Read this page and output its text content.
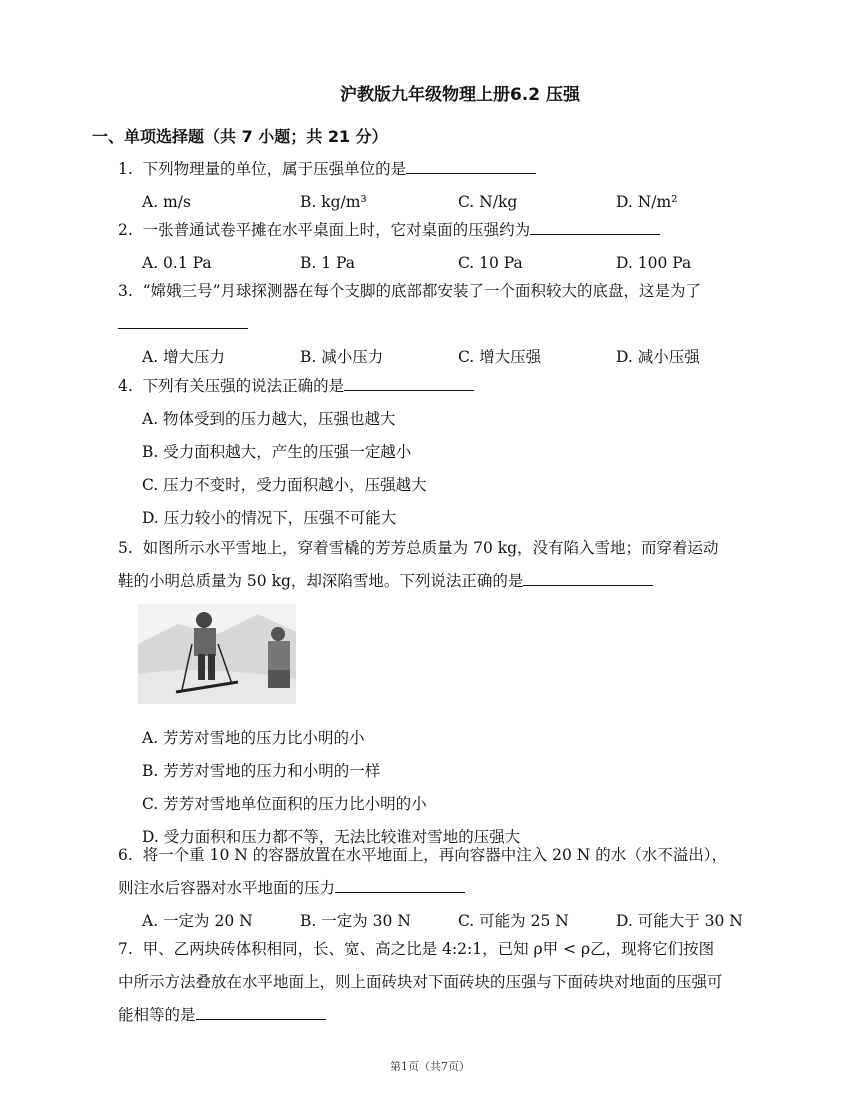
沪教版九年级物理上册6.2 压强
一、单项选择题（共 7 小题；共 21 分）
1. 下列物理量的单位，属于压强单位的是
A. m/s	B. kg/m³	C. N/kg	D. N/m²
2. 一张普通试卷平摊在水平桌面上时，它对桌面的压强约为
A. 0.1 Pa	B. 1 Pa	C. 10 Pa	D. 100 Pa
3. “嫦娥三号”月球探测器在每个支脚的底部都安装了一个面积较大的底盘，这是为了
A. 增大压力	B. 减小压力	C. 增大压强	D. 减小压强
4. 下列有关压强的说法正确的是
A. 物体受到的压力越大，压强也越大
B. 受力面积越大，产生的压强一定越小
C. 压力不变时，受力面积越小，压强越大
D. 压力较小的情况下，压强不可能大
5. 如图所示水平雪地上，穿着雪橇的芳芳总质量为 70 kg，没有陷入雪地；而穿着运动鞋的小明总质量为 50 kg，却深陷雪地。下列说法正确的是
A. 芳芳对雪地的压力比小明的小
B. 芳芳对雪地的压力和小明的一样
C. 芳芳对雪地单位面积的压力比小明的小
D. 受力面积和压力都不等，无法比较谁对雪地的压强大
6. 将一个重 10 N 的容器放置在水平地面上，再向容器中注入 20 N 的水（水不溢出），则注水后容器对水平地面的压力
A. 一定为 20 N	B. 一定为 30 N	C. 可能为 25 N	D. 可能大于 30 N
7. 甲、乙两块砖体积相同，长、宽、高之比是 4:2:1，已知 ρ甲 < ρ乙，现将它们按图中所示方法叠放在水平地面上，则上面砖块对下面砖块的压强与下面砖块对地面的压强可能相等的是
第1页（共7页）
